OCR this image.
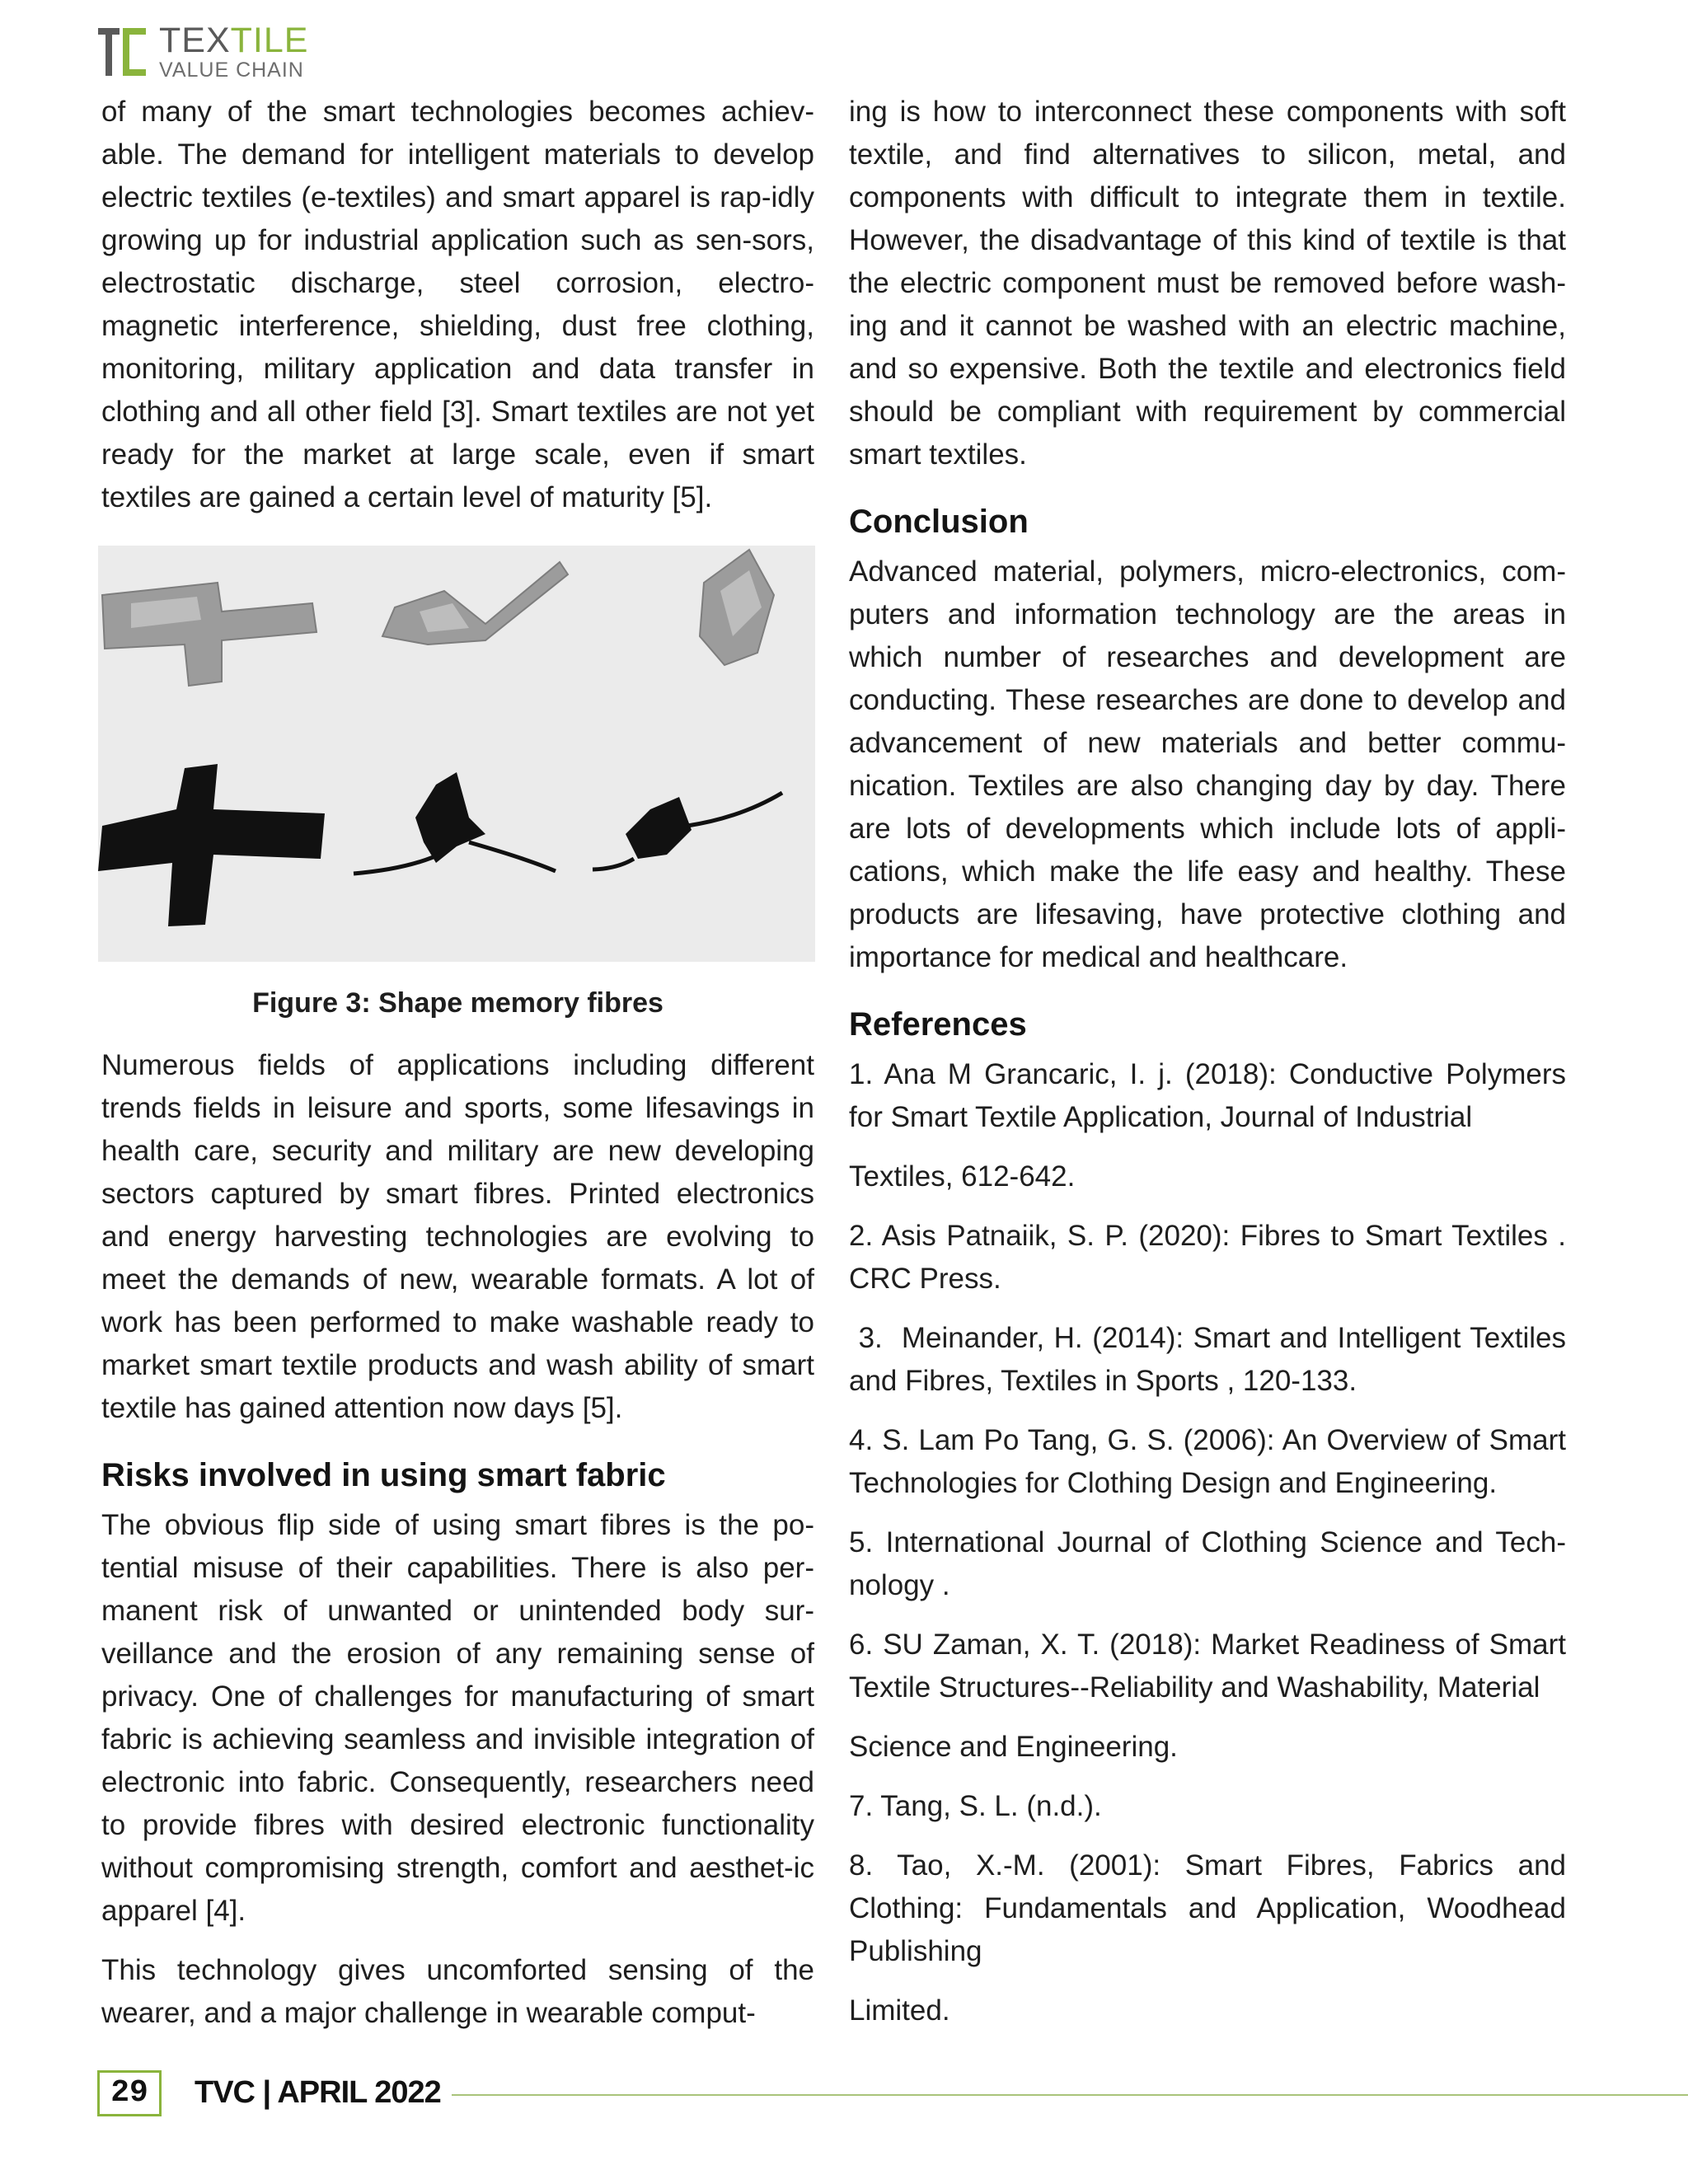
TEXTILE
VALUE CHAIN

of many of the smart technologies becomes achiev-able. The demand for intelligent materials to develop electric textiles (e-textiles) and smart apparel is rap-idly growing up for industrial application such as sen-sors, electrostatic discharge, steel corrosion, electro-magnetic interference, shielding, dust free clothing, monitoring, military application and data transfer in clothing and all other field [3]. Smart textiles are not yet ready for the market at large scale, even if smart textiles are gained a certain level of maturity [5].

Figure 3: Shape memory fibres

Numerous fields of applications including different trends fields in leisure and sports, some lifesavings in health care, security and military are new developing sectors captured by smart fibres. Printed electronics and energy harvesting technologies are evolving to meet the demands of new, wearable formats. A lot of work has been performed to make washable ready to market smart textile products and wash ability of smart textile has gained attention now days [5].

Risks involved in using smart fabric

The obvious flip side of using smart fibres is the po-tential misuse of their capabilities. There is also per-manent risk of unwanted or unintended body sur-veillance and the erosion of any remaining sense of privacy. One of challenges for manufacturing of smart fabric is achieving seamless and invisible integration of electronic into fabric. Consequently, researchers need to provide fibres with desired electronic functionality without compromising strength, comfort and aesthet-ic apparel [4].

This technology gives uncomforted sensing of the wearer, and a major challenge in wearable comput-

ing is how to interconnect these components with soft textile, and find alternatives to silicon, metal, and components with difficult to integrate them in textile. However, the disadvantage of this kind of textile is that the electric component must be removed before wash-ing and it cannot be washed with an electric machine, and so expensive. Both the textile and electronics field should be compliant with requirement by commercial smart textiles.

Conclusion

Advanced material, polymers, micro-electronics, com-puters and information technology are the areas in which number of researches and development are conducting. These researches are done to develop and advancement of new materials and better commu-nication. Textiles are also changing day by day. There are lots of developments which include lots of appli-cations, which make the life easy and healthy. These products are lifesaving, have protective clothing and importance for medical and healthcare.

References

1. Ana M Grancaric, I. j. (2018): Conductive Polymers for Smart Textile Application, Journal of Industrial

Textiles, 612-642.

2. Asis Patnaiik, S. P. (2020): Fibres to Smart Textiles . CRC Press.

3.  Meinander, H. (2014): Smart and Intelligent Textiles and Fibres, Textiles in Sports , 120-133.

4. S. Lam Po Tang, G. S. (2006): An Overview of Smart Technologies for Clothing Design and Engineering.

5. International Journal of Clothing Science and Tech-nology .

6. SU Zaman, X. T. (2018): Market Readiness of Smart Textile Structures--Reliability and Washability, Material

Science and Engineering.

7. Tang, S. L. (n.d.).

8. Tao, X.-M. (2001): Smart Fibres, Fabrics and Clothing: Fundamentals and Application, Woodhead Publishing

Limited.

29	TVC | APRIL 2022
